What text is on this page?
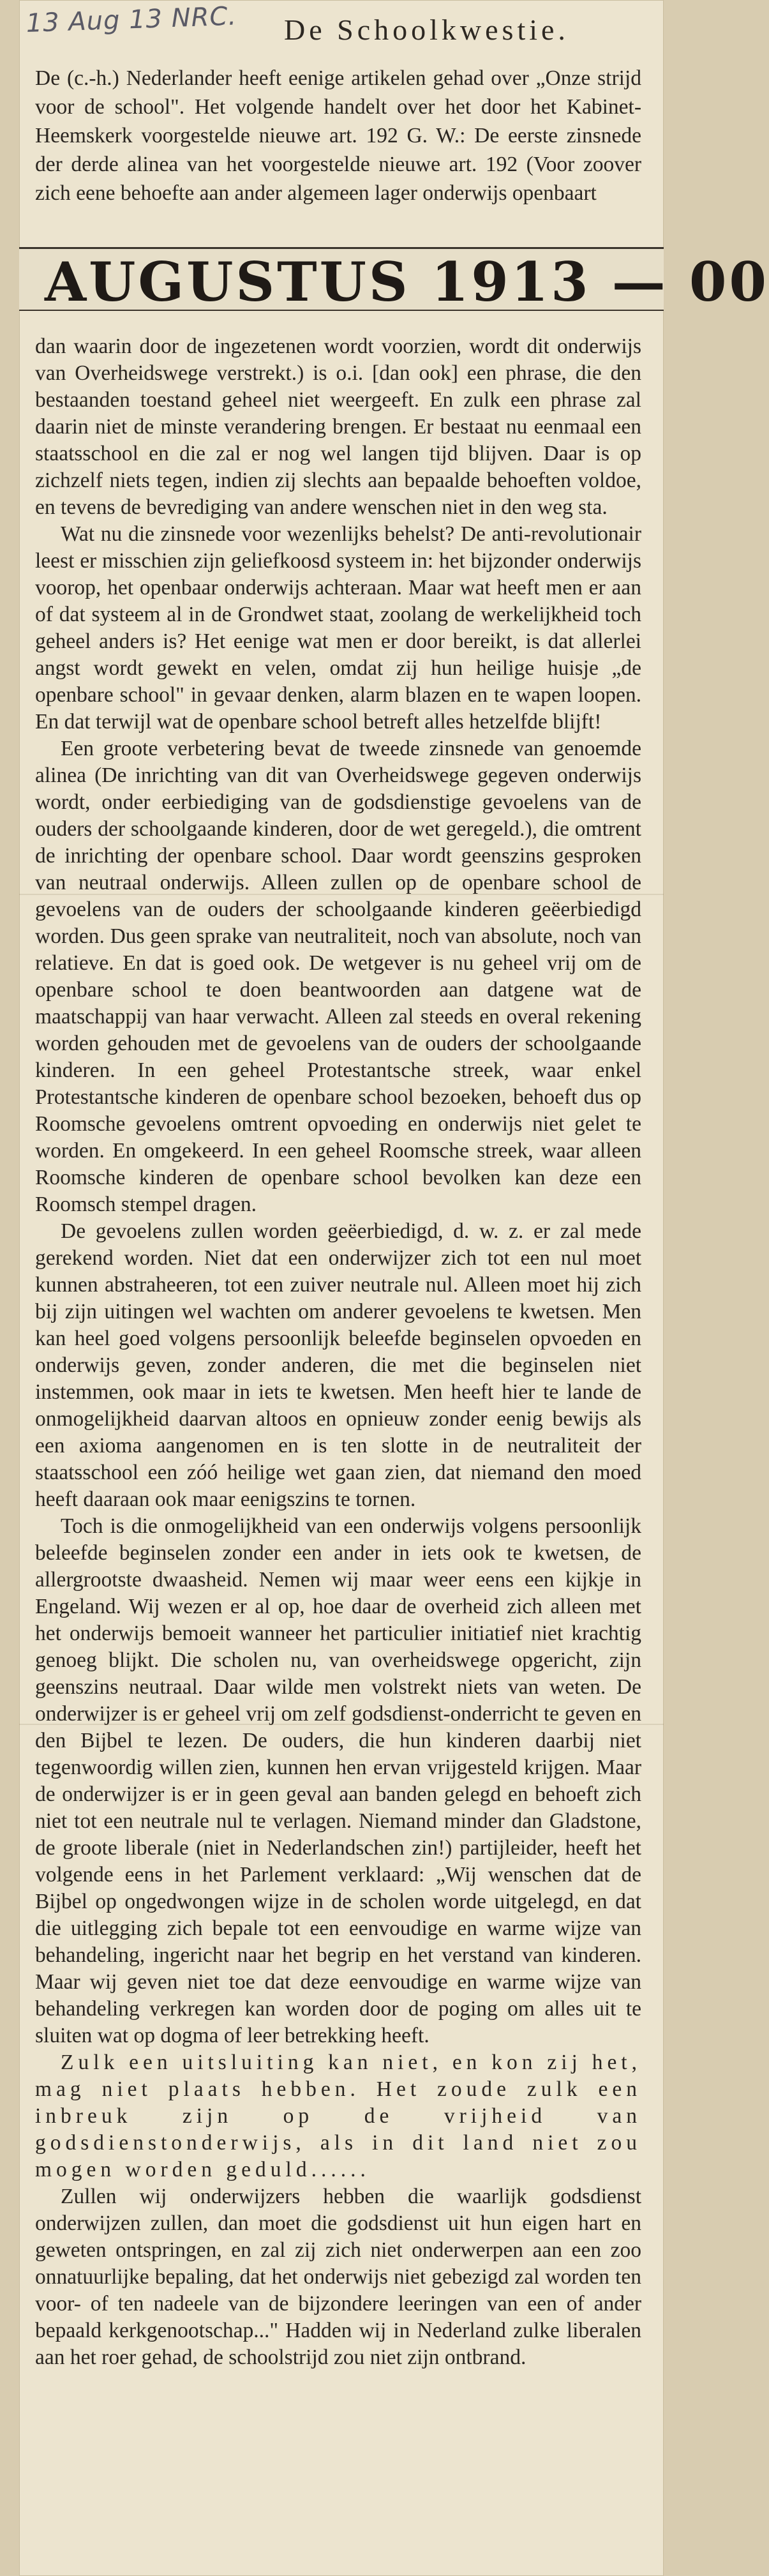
13 Aug 13 NRC. De Schoolkwestie.

De (c.-h.) Nederlander heeft eenige artikelen gehad over „Onze strijd voor de school". Het volgende handelt over het door het Kabinet-Heemskerk voorgestelde nieuwe art. 192 G. W.: De eerste zinsnede der derde alinea van het voorgestelde nieuwe art. 192 (Voor zoover zich eene behoefte aan ander algemeen lager onderwijs openbaart

AUGUSTUS 1913 — 00

dan waarin door de ingezetenen wordt voorzien, wordt dit onderwijs van Overheidswege verstrekt.) is o.i. [dan ook] een phrase, die den bestaanden toestand geheel niet weergeeft. En zulk een phrase zal daarin niet de minste verandering brengen. Er bestaat nu eenmaal een staatsschool en die zal er nog wel langen tijd blijven. Daar is op zichzelf niets tegen, indien zij slechts aan bepaalde behoeften voldoe, en tevens de bevrediging van andere wenschen niet in den weg sta.

Wat nu die zinsnede voor wezenlijks behelst? De anti-revolutionair leest er misschien zijn geliefkoosd systeem in: het bijzonder onderwijs voorop, het openbaar onderwijs achteraan. Maar wat heeft men er aan of dat systeem al in de Grondwet staat, zoolang de werkelijkheid toch geheel anders is? Het eenige wat men er door bereikt, is dat allerlei angst wordt gewekt en velen, omdat zij hun heilige huisje „de openbare school" in gevaar denken, alarm blazen en te wapen loopen. En dat terwijl wat de openbare school betreft alles hetzelfde blijft!

Een groote verbetering bevat de tweede zinsnede van genoemde alinea (De inrichting van dit van Overheidswege gegeven onderwijs wordt, onder eerbiediging van de godsdienstige gevoelens van de ouders der schoolgaande kinderen, door de wet geregeld.), die omtrent de inrichting der openbare school. Daar wordt geenszins gesproken van neutraal onderwijs. Alleen zullen op de openbare school de gevoelens van de ouders der schoolgaande kinderen geëerbiedigd worden. Dus geen sprake van neutraliteit, noch van absolute, noch van relatieve. En dat is goed ook. De wetgever is nu geheel vrij om de openbare school te doen beantwoorden aan datgene wat de maatschappij van haar verwacht. Alleen zal steeds en overal rekening worden gehouden met de gevoelens van de ouders der schoolgaande kinderen. In een geheel Protestantsche streek, waar enkel Protestantsche kinderen de openbare school bezoeken, behoeft dus op Roomsche gevoelens omtrent opvoeding en onderwijs niet gelet te worden. En omgekeerd. In een geheel Roomsche streek, waar alleen Roomsche kinderen de openbare school bevolken kan deze een Roomsch stempel dragen.

De gevoelens zullen worden geëerbiedigd, d. w. z. er zal mede gerekend worden. Niet dat een onderwijzer zich tot een nul moet kunnen abstraheeren, tot een zuiver neutrale nul. Alleen moet hij zich bij zijn uitingen wel wachten om anderer gevoelens te kwetsen. Men kan heel goed volgens persoonlijk beleefde beginselen opvoeden en onderwijs geven, zonder anderen, die met die beginselen niet instemmen, ook maar in iets te kwetsen. Men heeft hier te lande de onmogelijkheid daarvan altoos en opnieuw zonder eenig bewijs als een axioma aangenomen en is ten slotte in de neutraliteit der staatsschool een zóó heilige wet gaan zien, dat niemand den moed heeft daaraan ook maar eenigszins te tornen.

Toch is die onmogelijkheid van een onderwijs volgens persoonlijk beleefde beginselen zonder een ander in iets ook te kwetsen, de allergrootste dwaasheid. Nemen wij maar weer eens een kijkje in Engeland. Wij wezen er al op, hoe daar de overheid zich alleen met het onderwijs bemoeit wanneer het particulier initiatief niet krachtig genoeg blijkt. Die scholen nu, van overheidswege opgericht, zijn geenszins neutraal. Daar wilde men volstrekt niets van weten. De onderwijzer is er geheel vrij om zelf godsdienst-onderricht te geven en den Bijbel te lezen. De ouders, die hun kinderen daarbij niet tegenwoordig willen zien, kunnen hen ervan vrijgesteld krijgen. Maar de onderwijzer is er in geen geval aan banden gelegd en behoeft zich niet tot een neutrale nul te verlagen. Niemand minder dan Gladstone, de groote liberale (niet in Nederlandschen zin!) partijleider, heeft het volgende eens in het Parlement verklaard: „Wij wenschen dat de Bijbel op ongedwongen wijze in de scholen worde uitgelegd, en dat die uitlegging zich bepale tot een eenvoudige en warme wijze van behandeling, ingericht naar het begrip en het verstand van kinderen. Maar wij geven niet toe dat deze eenvoudige en warme wijze van behandeling verkregen kan worden door de poging om alles uit te sluiten wat op dogma of leer betrekking heeft.

Zulk een uitsluiting kan niet, en kon zij het, mag niet plaats hebben. Het zoude zulk een inbreuk zijn op de vrijheid van godsdienstonderwijs, als in dit land niet zou mogen worden geduld......

Zullen wij onderwijzers hebben die waarlijk godsdienst onderwijzen zullen, dan moet die godsdienst uit hun eigen hart en geweten ontspringen, en zal zij zich niet onderwerpen aan een zoo onnatuurlijke bepaling, dat het onderwijs niet gebezigd zal worden ten voor- of ten nadeele van de bijzondere leeringen van een of ander bepaald kerkgenootschap..." Hadden wij in Nederland zulke liberalen aan het roer gehad, de schoolstrijd zou niet zijn ontbrand.
